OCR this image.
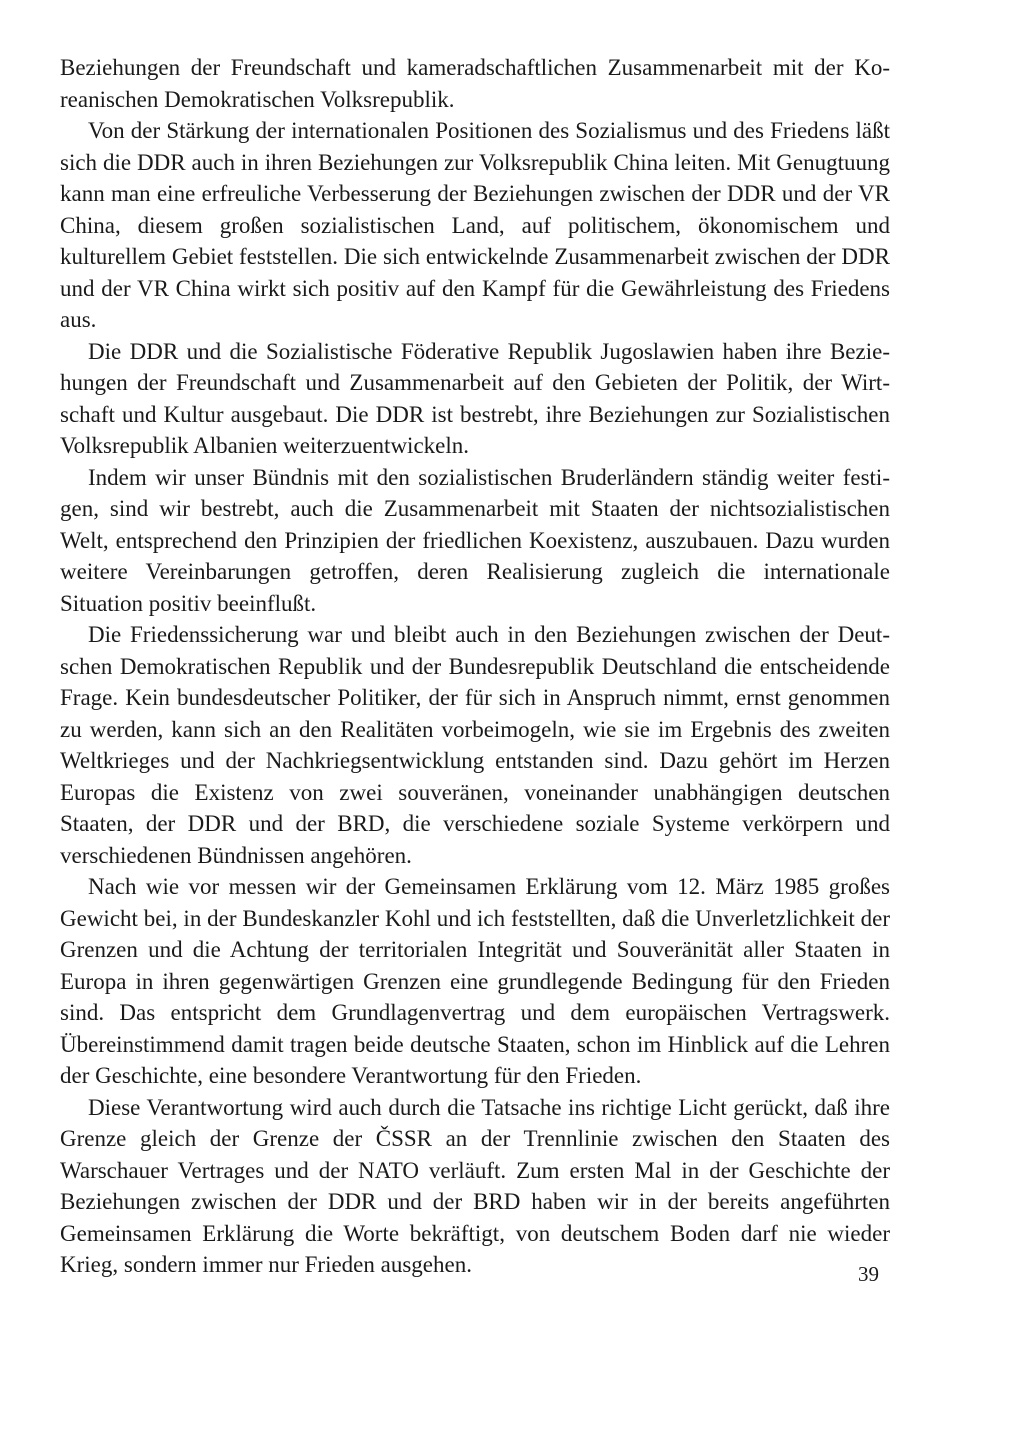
Beziehungen der Freundschaft und kameradschaftlichen Zusammenarbeit mit der Koreanischen Demokratischen Volksrepublik.

Von der Stärkung der internationalen Positionen des Sozialismus und des Friedens läßt sich die DDR auch in ihren Beziehungen zur Volksrepublik China leiten. Mit Genugtuung kann man eine erfreuliche Verbesserung der Beziehungen zwischen der DDR und der VR China, diesem großen sozialistischen Land, auf politischem, ökonomischem und kulturellem Gebiet feststellen. Die sich entwickelnde Zusammenarbeit zwischen der DDR und der VR China wirkt sich positiv auf den Kampf für die Gewährleistung des Friedens aus.

Die DDR und die Sozialistische Föderative Republik Jugoslawien haben ihre Beziehungen der Freundschaft und Zusammenarbeit auf den Gebieten der Politik, der Wirtschaft und Kultur ausgebaut. Die DDR ist bestrebt, ihre Beziehungen zur Sozialistischen Volksrepublik Albanien weiterzuentwickeln.

Indem wir unser Bündnis mit den sozialistischen Bruderländern ständig weiter festigen, sind wir bestrebt, auch die Zusammenarbeit mit Staaten der nichtsozialistischen Welt, entsprechend den Prinzipien der friedlichen Koexistenz, auszubauen. Dazu wurden weitere Vereinbarungen getroffen, deren Realisierung zugleich die internationale Situation positiv beeinflußt.

Die Friedenssicherung war und bleibt auch in den Beziehungen zwischen der Deutschen Demokratischen Republik und der Bundesrepublik Deutschland die entscheidende Frage. Kein bundesdeutscher Politiker, der für sich in Anspruch nimmt, ernst genommen zu werden, kann sich an den Realitäten vorbeimogeln, wie sie im Ergebnis des zweiten Weltkrieges und der Nachkriegsentwicklung entstanden sind. Dazu gehört im Herzen Europas die Existenz von zwei souveränen, voneinander unabhängigen deutschen Staaten, der DDR und der BRD, die verschiedene soziale Systeme verkörpern und verschiedenen Bündnissen angehören.

Nach wie vor messen wir der Gemeinsamen Erklärung vom 12. März 1985 großes Gewicht bei, in der Bundeskanzler Kohl und ich feststellten, daß die Unverletzlichkeit der Grenzen und die Achtung der territorialen Integrität und Souveränität aller Staaten in Europa in ihren gegenwärtigen Grenzen eine grundlegende Bedingung für den Frieden sind. Das entspricht dem Grundlagenvertrag und dem europäischen Vertragswerk. Übereinstimmend damit tragen beide deutsche Staaten, schon im Hinblick auf die Lehren der Geschichte, eine besondere Verantwortung für den Frieden.

Diese Verantwortung wird auch durch die Tatsache ins richtige Licht gerückt, daß ihre Grenze gleich der Grenze der ČSSR an der Trennlinie zwischen den Staaten des Warschauer Vertrages und der NATO verläuft. Zum ersten Mal in der Geschichte der Beziehungen zwischen der DDR und der BRD haben wir in der bereits angeführten Gemeinsamen Erklärung die Worte bekräftigt, von deutschem Boden darf nie wieder Krieg, sondern immer nur Frieden ausgehen.	39
